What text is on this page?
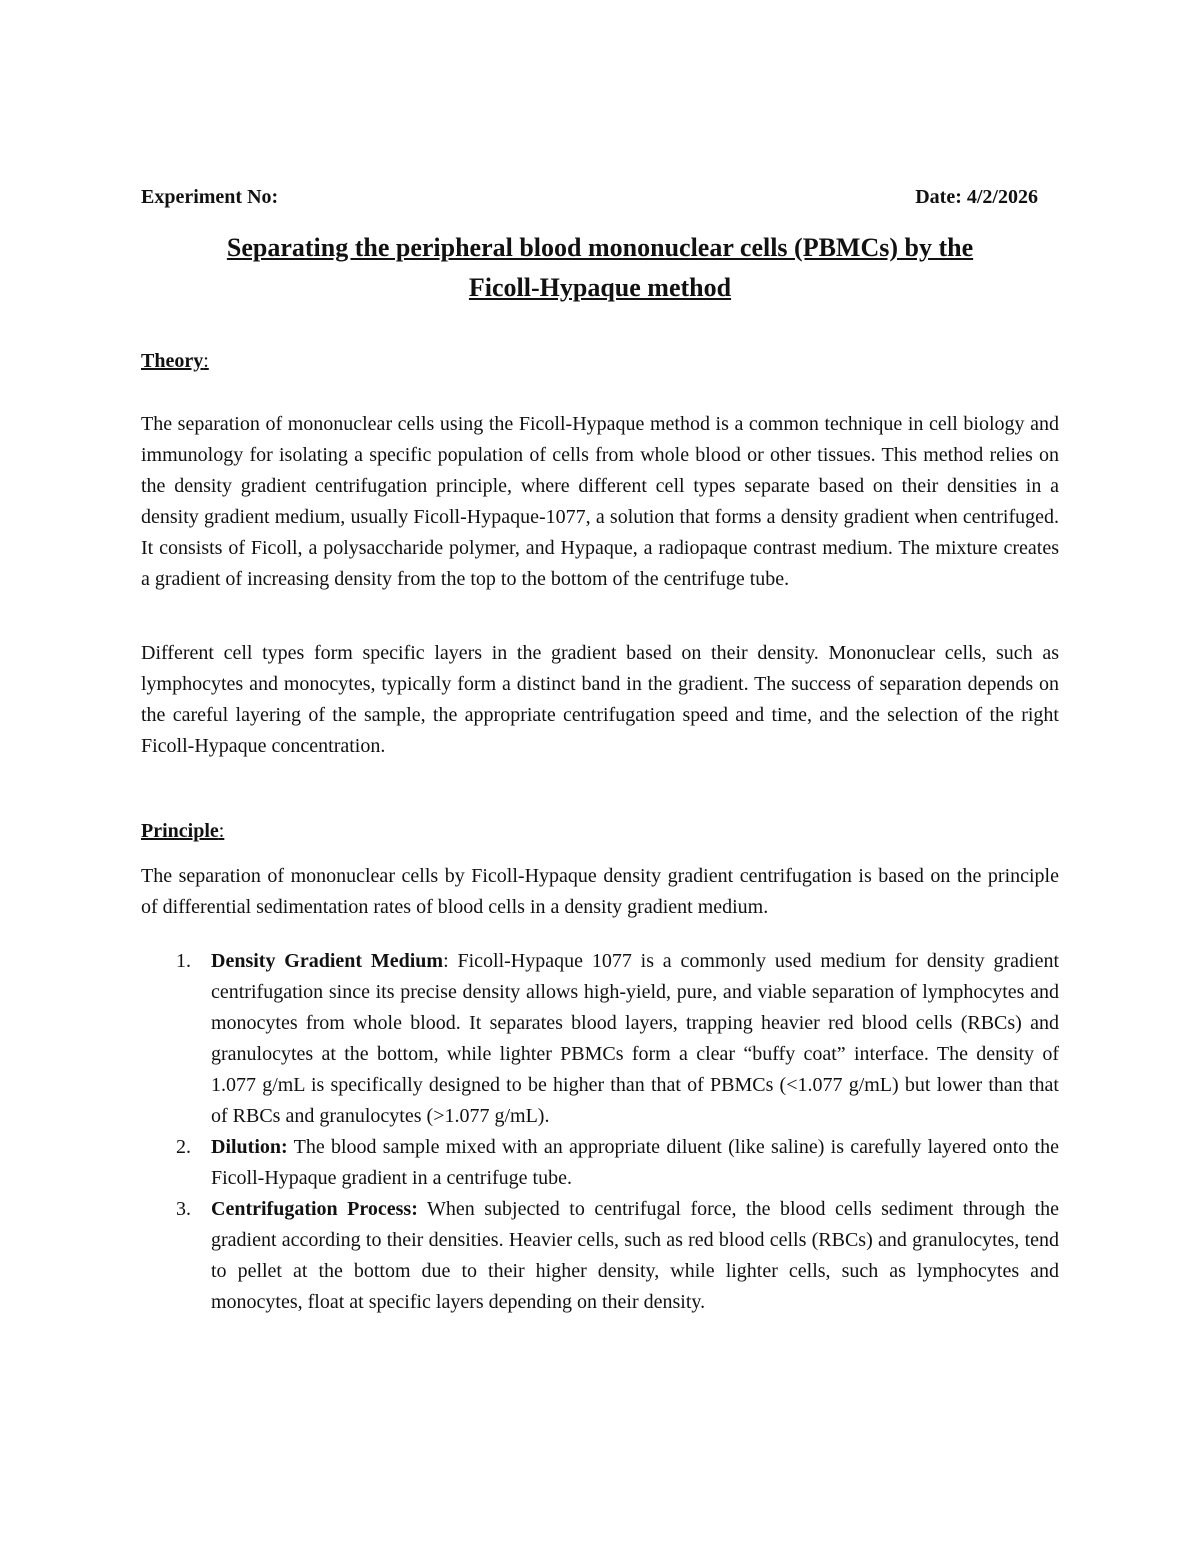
Experiment No:	Date: 4/2/2026
Separating the peripheral blood mononuclear cells (PBMCs) by the
Ficoll-Hypaque method
Theory:

The separation of mononuclear cells using the Ficoll-Hypaque method is a common technique in cell biology and immunology for isolating a specific population of cells from whole blood or other tissues. This method relies on the density gradient centrifugation principle, where different cell types separate based on their densities in a density gradient medium, usually Ficoll-Hypaque-1077, a solution that forms a density gradient when centrifuged. It consists of Ficoll, a polysaccharide polymer, and Hypaque, a radiopaque contrast medium. The mixture creates a gradient of increasing density from the top to the bottom of the centrifuge tube.

Different cell types form specific layers in the gradient based on their density. Mononuclear cells, such as lymphocytes and monocytes, typically form a distinct band in the gradient. The success of separation depends on the careful layering of the sample, the appropriate centrifugation speed and time, and the selection of the right Ficoll-Hypaque concentration.

Principle:

The separation of mononuclear cells by Ficoll-Hypaque density gradient centrifugation is based on the principle of differential sedimentation rates of blood cells in a density gradient medium.

1. Density Gradient Medium: Ficoll-Hypaque 1077 is a commonly used medium for density gradient centrifugation since its precise density allows high-yield, pure, and viable separation of lymphocytes and monocytes from whole blood. It separates blood layers, trapping heavier red blood cells (RBCs) and granulocytes at the bottom, while lighter PBMCs form a clear “buffy coat” interface. The density of 1.077 g/mL is specifically designed to be higher than that of PBMCs (<1.077 g/mL) but lower than that of RBCs and granulocytes (>1.077 g/mL).
2. Dilution: The blood sample mixed with an appropriate diluent (like saline) is carefully layered onto the Ficoll-Hypaque gradient in a centrifuge tube.
3. Centrifugation Process: When subjected to centrifugal force, the blood cells sediment through the gradient according to their densities. Heavier cells, such as red blood cells (RBCs) and granulocytes, tend to pellet at the bottom due to their higher density, while lighter cells, such as lymphocytes and monocytes, float at specific layers depending on their density.
